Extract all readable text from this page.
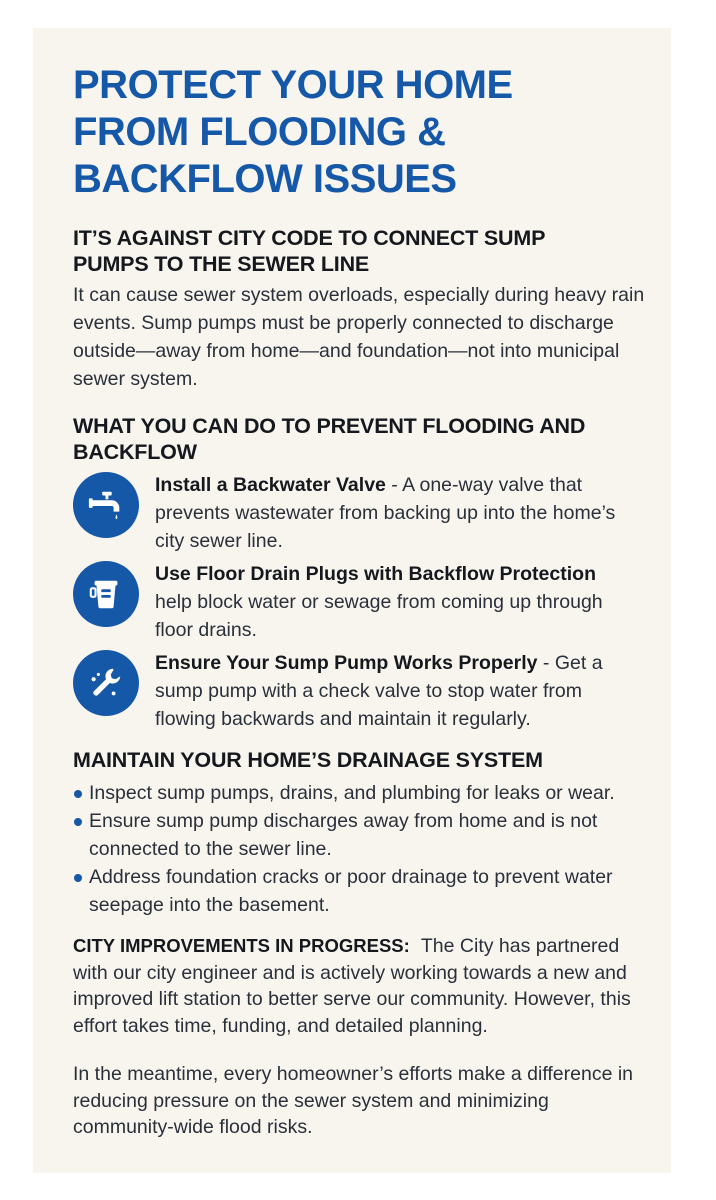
PROTECT YOUR HOME FROM FLOODING & BACKFLOW ISSUES
IT’S AGAINST CITY CODE TO CONNECT SUMP PUMPS TO THE SEWER LINE

It can cause sewer system overloads, especially during heavy rain events. Sump pumps must be properly connected to discharge outside—away from home—and foundation—not into municipal sewer system.

WHAT YOU CAN DO TO PREVENT FLOODING AND BACKFLOW
Install a Backwater Valve - A one-way valve that prevents wastewater from backing up into the home’s city sewer line.
Use Floor Drain Plugs with Backflow Protection help block water or sewage from coming up through floor drains.
Ensure Your Sump Pump Works Properly - Get a sump pump with a check valve to stop water from flowing backwards and maintain it regularly.
MAINTAIN YOUR HOME’S DRAINAGE SYSTEM
Inspect sump pumps, drains, and plumbing for leaks or wear.
Ensure sump pump discharges away from home and is not connected to the sewer line.
Address foundation cracks or poor drainage to prevent water seepage into the basement.

CITY IMPROVEMENTS IN PROGRESS: The City has partnered with our city engineer and is actively working towards a new and improved lift station to better serve our community. However, this effort takes time, funding, and detailed planning.

In the meantime, every homeowner’s efforts make a difference in reducing pressure on the sewer system and minimizing community-wide flood risks.
